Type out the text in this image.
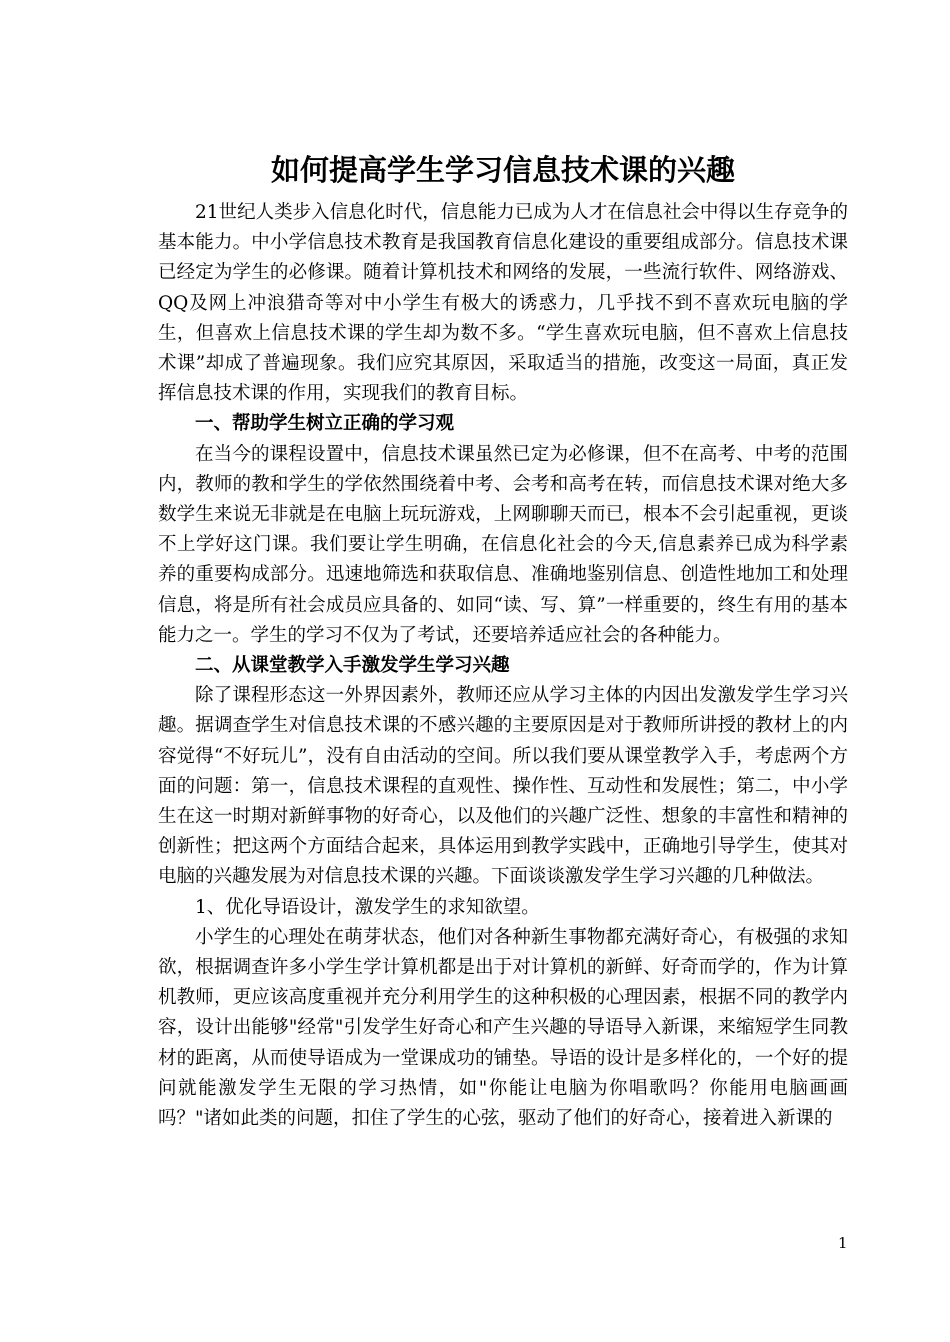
如何提高学生学习信息技术课的兴趣

21世纪人类步入信息化时代，信息能力已成为人才在信息社会中得以生存竞争的基本能力。中小学信息技术教育是我国教育信息化建设的重要组成部分。信息技术课已经定为学生的必修课。随着计算机技术和网络的发展，一些流行软件、网络游戏、QQ及网上冲浪猎奇等对中小学生有极大的诱惑力，几乎找不到不喜欢玩电脑的学生，但喜欢上信息技术课的学生却为数不多。“学生喜欢玩电脑，但不喜欢上信息技术课”却成了普遍现象。我们应究其原因，采取适当的措施，改变这一局面，真正发挥信息技术课的作用，实现我们的教育目标。

一、帮助学生树立正确的学习观

在当今的课程设置中，信息技术课虽然已定为必修课，但不在高考、中考的范围内，教师的教和学生的学依然围绕着中考、会考和高考在转，而信息技术课对绝大多数学生来说无非就是在电脑上玩玩游戏，上网聊聊天而已，根本不会引起重视，更谈不上学好这门课。我们要让学生明确，在信息化社会的今天,信息素养已成为科学素养的重要构成部分。迅速地筛选和获取信息、准确地鉴别信息、创造性地加工和处理信息，将是所有社会成员应具备的、如同“读、写、算”一样重要的，终生有用的基本能力之一。学生的学习不仅为了考试，还要培养适应社会的各种能力。

二、从课堂教学入手激发学生学习兴趣

除了课程形态这一外界因素外，教师还应从学习主体的内因出发激发学生学习兴趣。据调查学生对信息技术课的不感兴趣的主要原因是对于教师所讲授的教材上的内容觉得“不好玩儿”，没有自由活动的空间。所以我们要从课堂教学入手，考虑两个方面的问题：第一，信息技术课程的直观性、操作性、互动性和发展性；第二，中小学生在这一时期对新鲜事物的好奇心，以及他们的兴趣广泛性、想象的丰富性和精神的创新性；把这两个方面结合起来，具体运用到教学实践中，正确地引导学生，使其对电脑的兴趣发展为对信息技术课的兴趣。下面谈谈激发学生学习兴趣的几种做法。

1、优化导语设计，激发学生的求知欲望。

小学生的心理处在萌芽状态，他们对各种新生事物都充满好奇心，有极强的求知欲，根据调查许多小学生学计算机都是出于对计算机的新鲜、好奇而学的，作为计算机教师，更应该高度重视并充分利用学生的这种积极的心理因素，根据不同的教学内容，设计出能够"经常"引发学生好奇心和产生兴趣的导语导入新课，来缩短学生同教材的距离，从而使导语成为一堂课成功的铺垫。导语的设计是多样化的，一个好的提问就能激发学生无限的学习热情，如"你能让电脑为你唱歌吗？你能用电脑画画吗？"诸如此类的问题，扣住了学生的心弦，驱动了他们的好奇心，接着进入新课的

1
